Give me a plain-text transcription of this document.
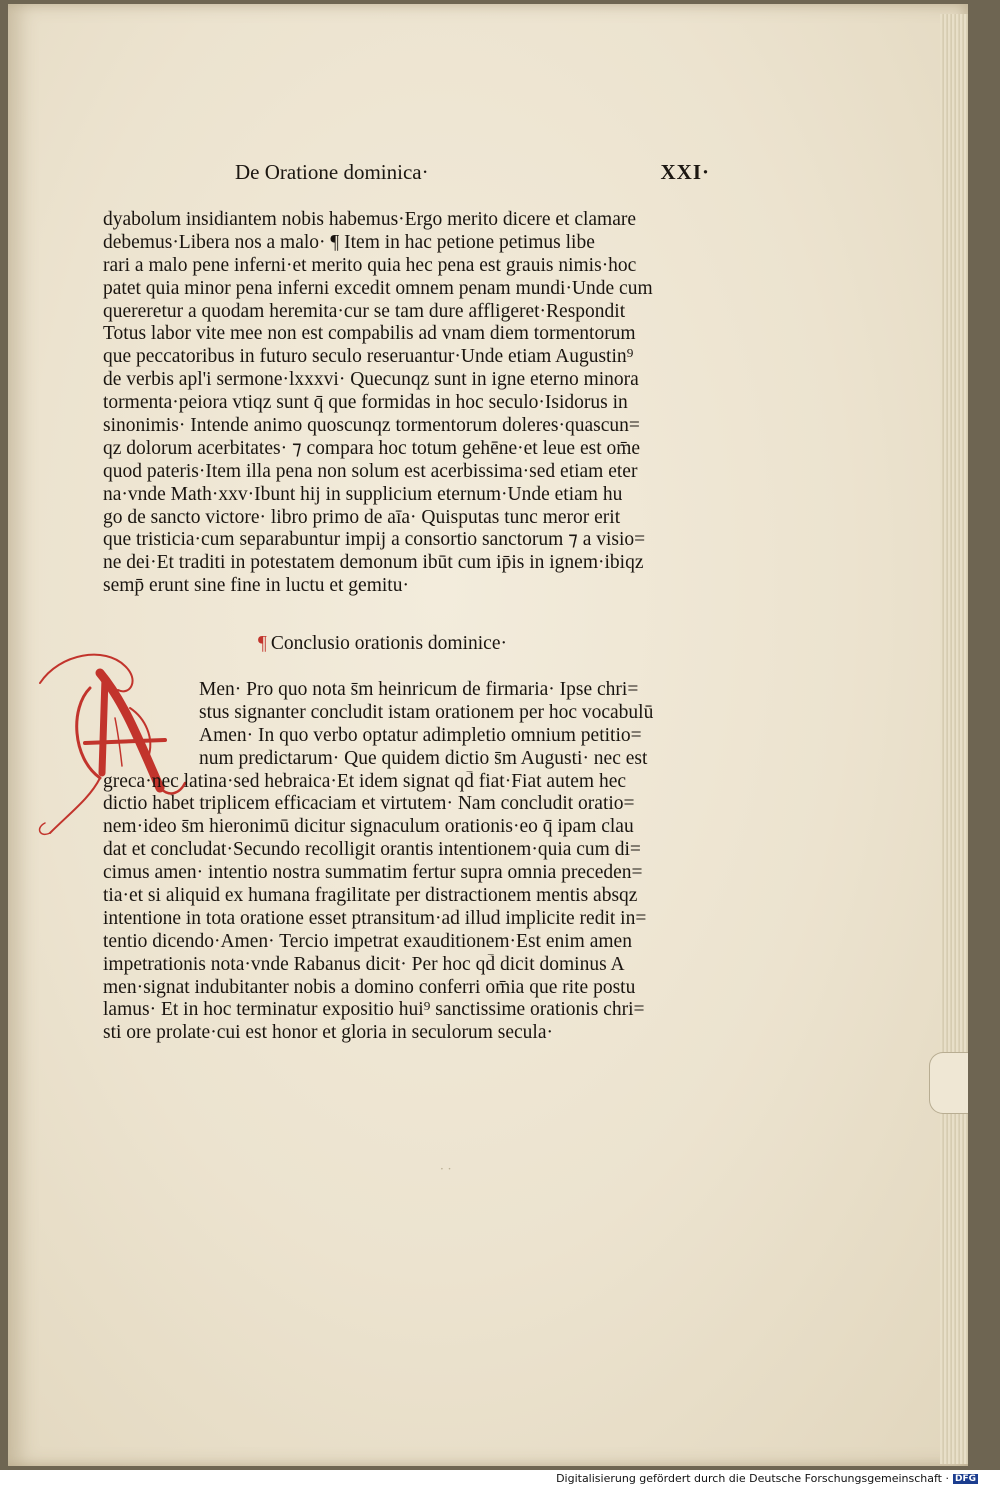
De Oratione dominica·	XXI·
dyabolum insidiantem nobis habemus·Ergo merito dicere et clamare
debemus·Libera nos a malo· ¶ Item in hac petione petimus libe
rari a malo pene inferni·et merito quia hec pena est grauis nimis·hoc
patet quia minor pena inferni excedit omnem penam mundi·Unde cum
quereretur a quodam heremita·cur se tam dure affligeret·Respondit
Totus labor vite mee non est compabilis ad vnam diem tormentorum
que peccatoribus in futuro seculo reseruantur·Unde etiam Augustin⁹
de verbis apl'i sermone·lxxxvi· Quecunqz sunt in igne eterno minora
tormenta·peiora vtiqz sunt q̄ que formidas in hoc seculo·Isidorus in
sinonimis· Intende animo quoscunqz tormentorum doleres·quascun=
qz dolorum acerbitates· ⁊ compara hoc totum gehēne·et leue est om̄e
quod pateris·Item illa pena non solum est acerbissima·sed etiam eter
na·vnde Math·xxv·Ibunt hij in supplicium eternum·Unde etiam hu
go de sancto victore· libro primo de aīa· Quisputas tunc meror erit
que tristicia·cum separabuntur impij a consortio sanctorum ⁊ a visio=
ne dei·Et traditi in potestatem demonum ibūt cum ip̄is in ignem·ibiqz
semp̄ erunt sine fine in luctu et gemitu·
¶ Conclusio orationis dominice·
Men· Pro quo nota s̄m heinricum de firmaria· Ipse chri=
stus signanter concludit istam orationem per hoc vocabulū
Amen· In quo verbo optatur adimpletio omnium petitio=
num predictarum· Que quidem dictio s̄m Augusti· nec est
greca·nec latina·sed hebraica·Et idem signat qd̄ fiat·Fiat autem hec
dictio habet triplicem efficaciam et virtutem· Nam concludit oratio=
nem·ideo s̄m hieronimū dicitur signaculum orationis·eo q̄ ipam clau
dat et concludat·Secundo recolligit orantis intentionem·quia cum di=
cimus amen· intentio nostra summatim fertur supra omnia preceden=
tia·et si aliquid ex humana fragilitate per distractionem mentis absqz
intentione in tota oratione esset ptransitum·ad illud implicite redit in=
tentio dicendo·Amen· Tercio impetrat exauditionem·Est enim amen
impetrationis nota·vnde Rabanus dicit· Per hoc qd̄ dicit dominus A
men·signat indubitanter nobis a domino conferri om̄ia que rite postu
lamus· Et in hoc terminatur expositio hui⁹ sanctissime orationis chri=
sti ore prolate·cui est honor et gloria in seculorum secula·
· ·
Digitalisierung gefördert durch die Deutsche Forschungsgemeinschaft · DFG
